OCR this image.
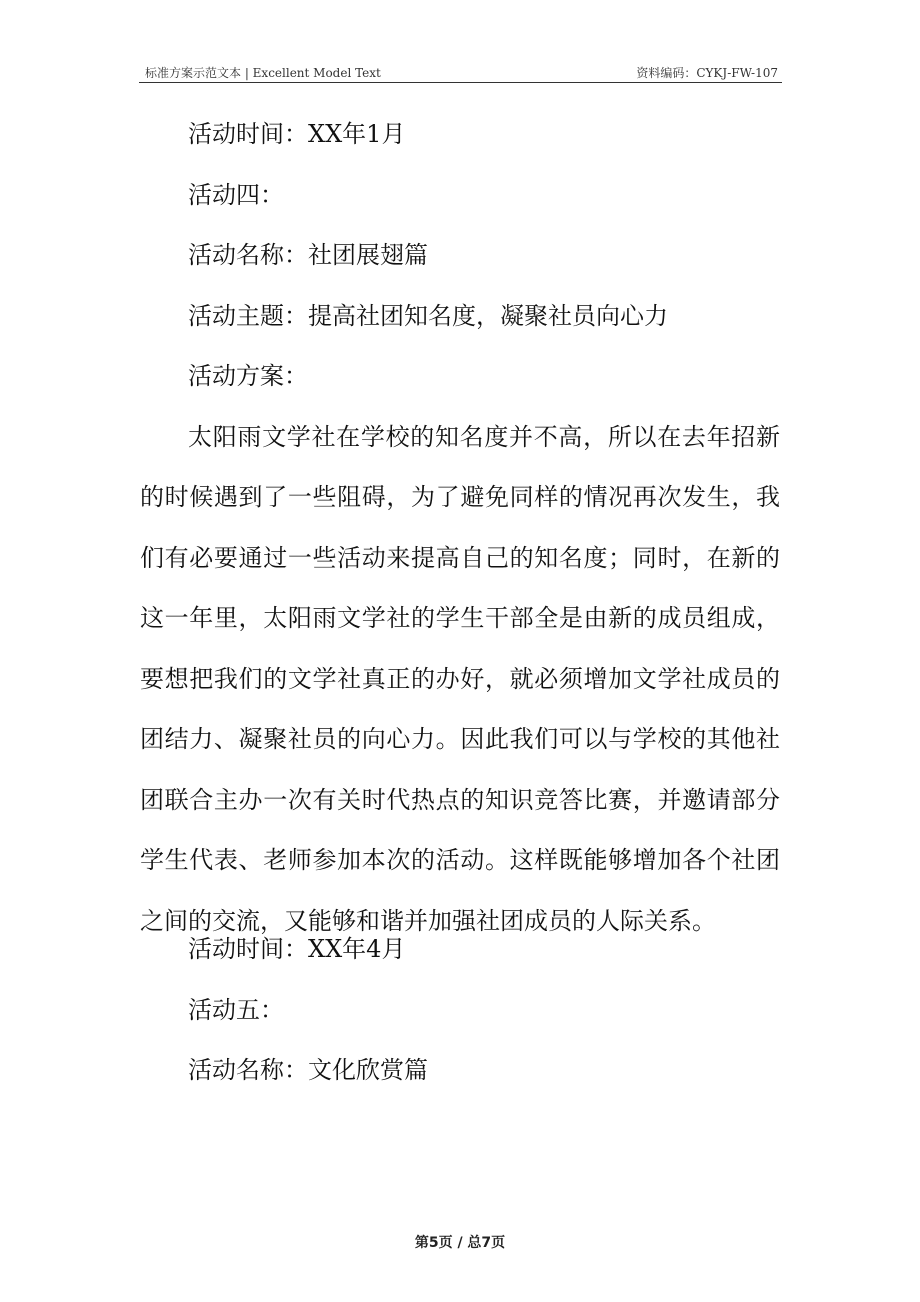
标准方案示范文本 | Excellent Model Text	资料编码：CYKJ-FW-107
活动时间：XX年1月
活动四：
活动名称：社团展翅篇
活动主题：提高社团知名度，凝聚社员向心力
活动方案：

太阳雨文学社在学校的知名度并不高，所以在去年招新的时候遇到了一些阻碍，为了避免同样的情况再次发生，我们有必要通过一些活动来提高自己的知名度；同时，在新的这一年里，太阳雨文学社的学生干部全是由新的成员组成，要想把我们的文学社真正的办好，就必须增加文学社成员的团结力、凝聚社员的向心力。因此我们可以与学校的其他社团联合主办一次有关时代热点的知识竞答比赛，并邀请部分学生代表、老师参加本次的活动。这样既能够增加各个社团之间的交流，又能够和谐并加强社团成员的人际关系。

活动时间：XX年4月
活动五：
活动名称：文化欣赏篇
第5页 / 总7页
